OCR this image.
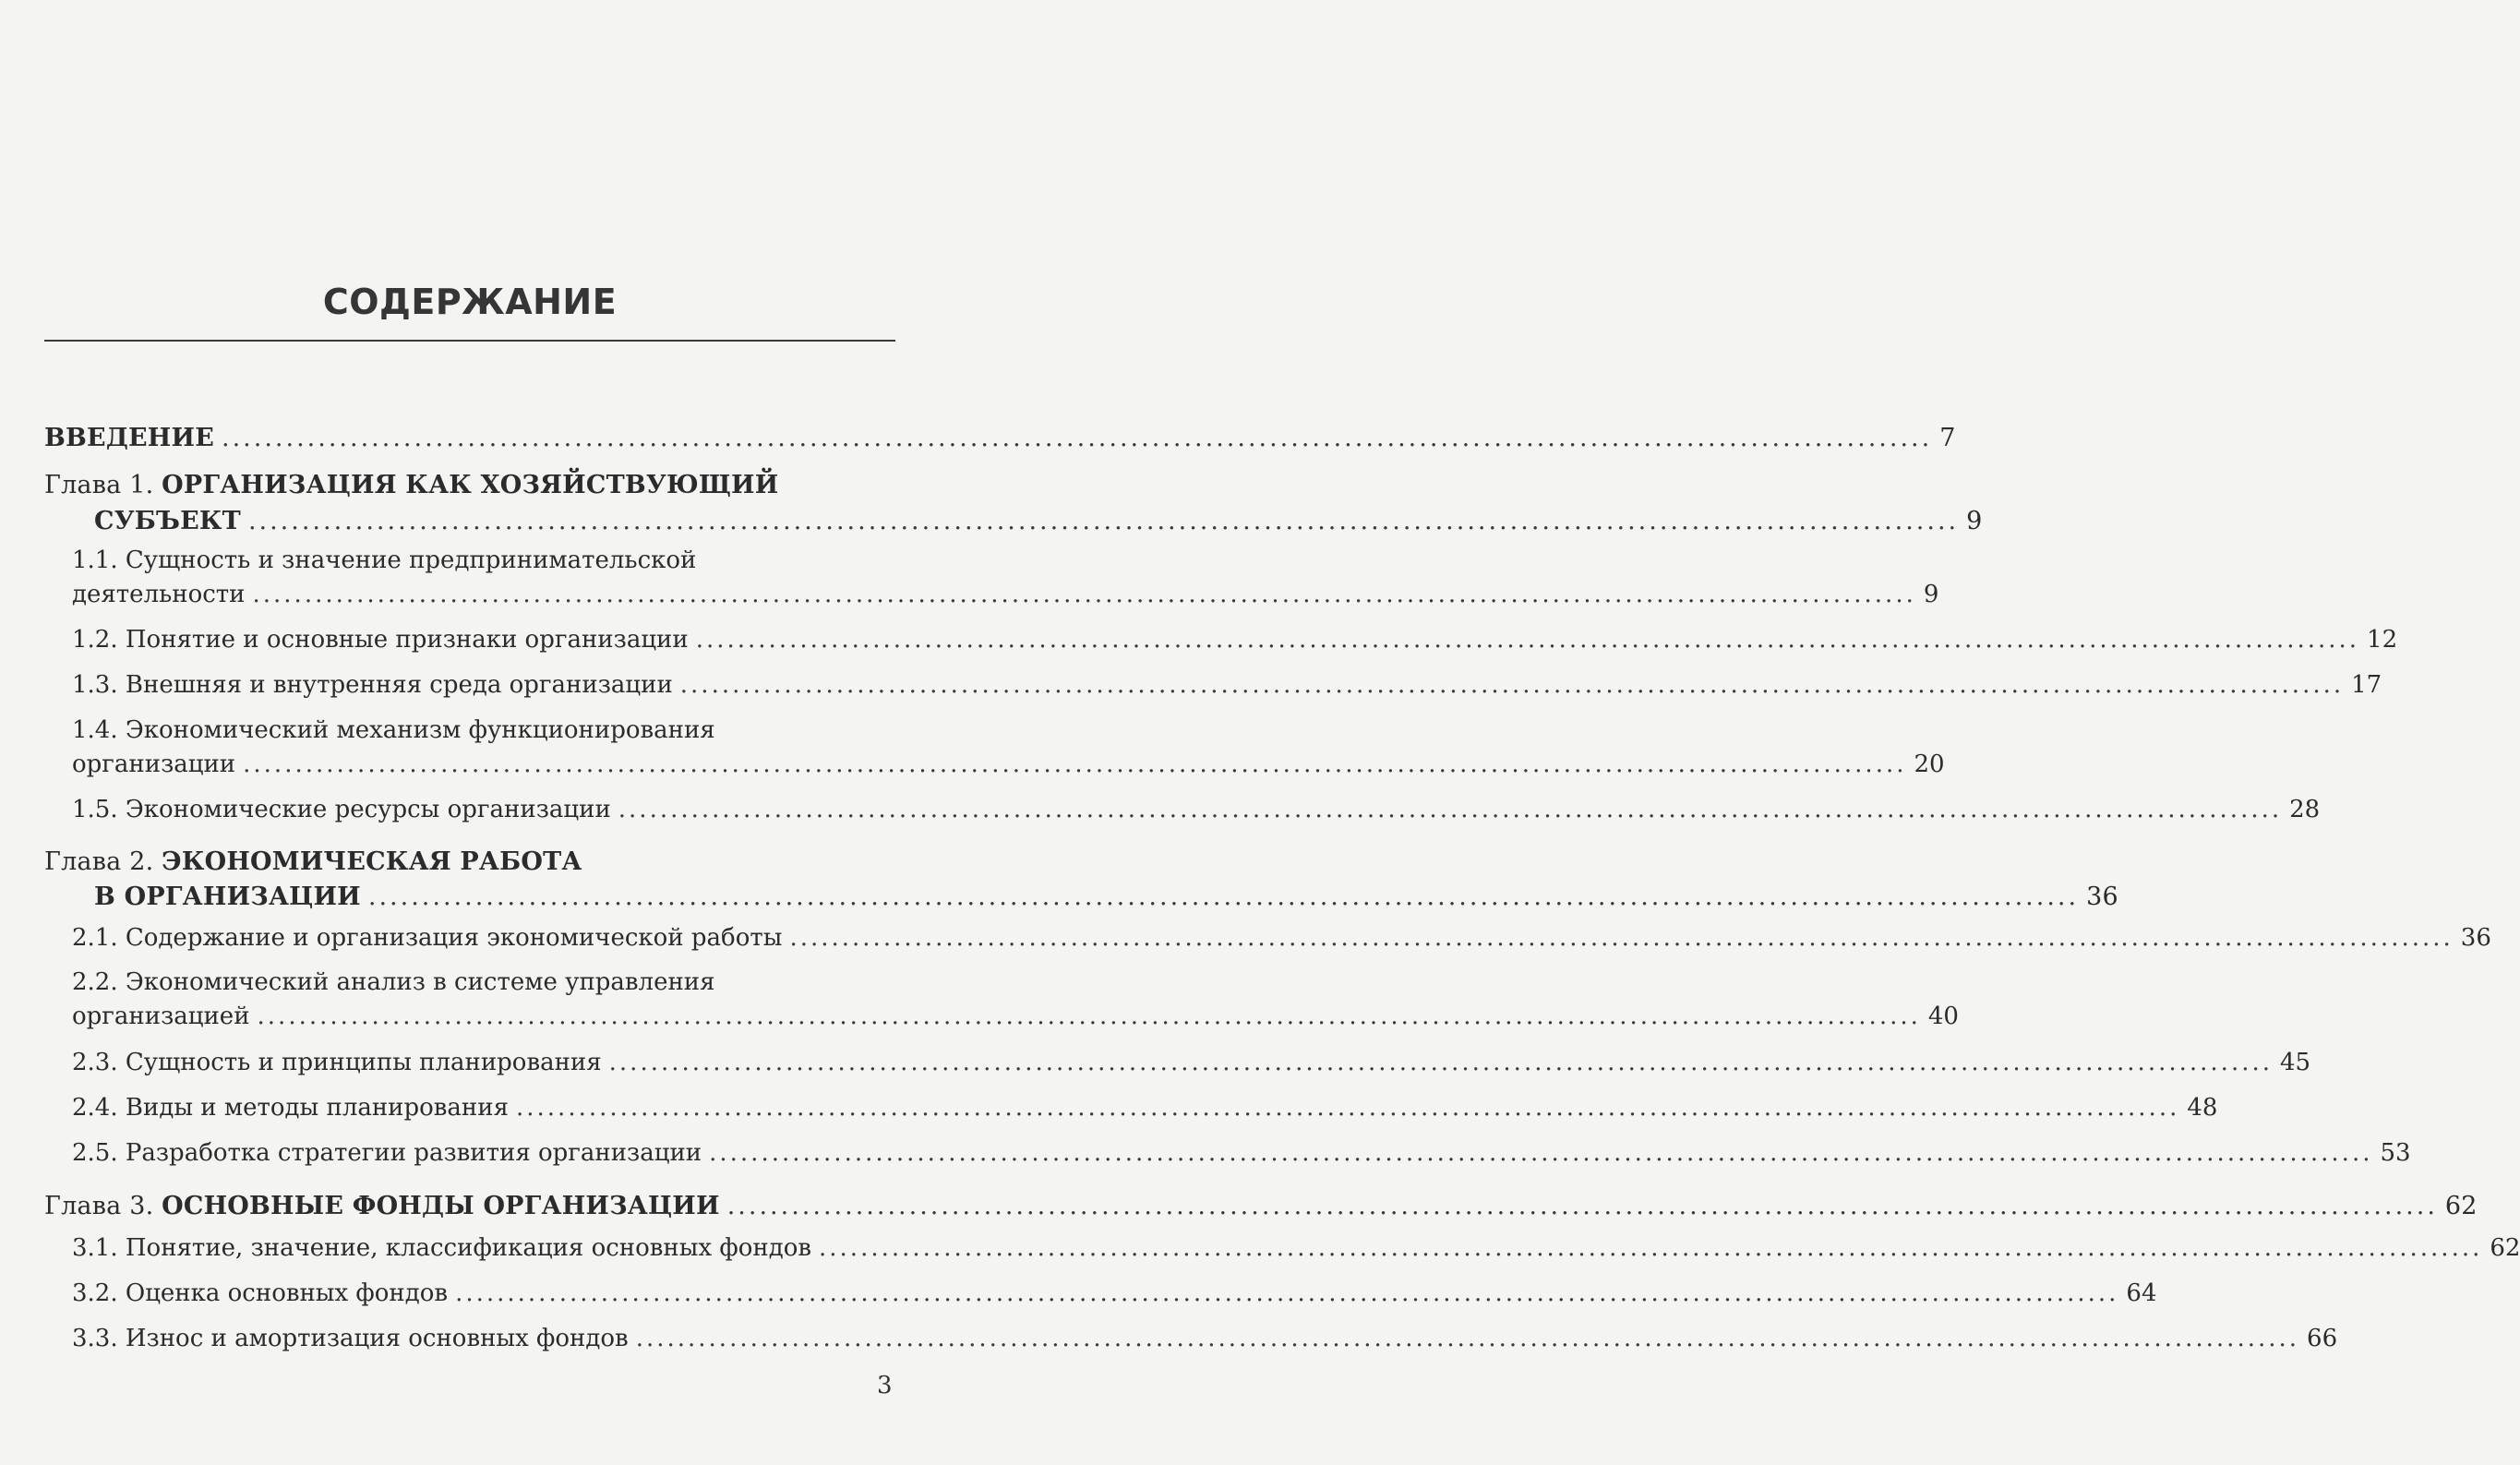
СОДЕРЖАНИЕ
ВВЕДЕНИЕ ................................................................................................................................................................ 7
Глава 1. ОРГАНИЗАЦИЯ КАК ХОЗЯЙСТВУЮЩИЙ
СУБЪЕКТ ................................................................................................................................................................ 9
1.1. Сущность и значение предпринимательской
деятельности ................................................................................................................................................................ 9
1.2. Понятие и основные признаки организации ................................................................................................................................................................ 12
1.3. Внешняя и внутренняя среда организации ................................................................................................................................................................ 17
1.4. Экономический механизм функционирования
организации ................................................................................................................................................................ 20
1.5. Экономические ресурсы организации ................................................................................................................................................................ 28
Глава 2. ЭКОНОМИЧЕСКАЯ РАБОТА
В ОРГАНИЗАЦИИ ................................................................................................................................................................ 36
2.1. Содержание и организация экономической работы ................................................................................................................................................................ 36
2.2. Экономический анализ в системе управления
организацией ................................................................................................................................................................ 40
2.3. Сущность и принципы планирования ................................................................................................................................................................ 45
2.4. Виды и методы планирования ................................................................................................................................................................ 48
2.5. Разработка стратегии развития организации ................................................................................................................................................................ 53
Глава 3. ОСНОВНЫЕ ФОНДЫ ОРГАНИЗАЦИИ ................................................................................................................................................................ 62
3.1. Понятие, значение, классификация основных фондов ................................................................................................................................................................ 62
3.2. Оценка основных фондов ................................................................................................................................................................ 64
3.3. Износ и амортизация основных фондов ................................................................................................................................................................ 66
3
